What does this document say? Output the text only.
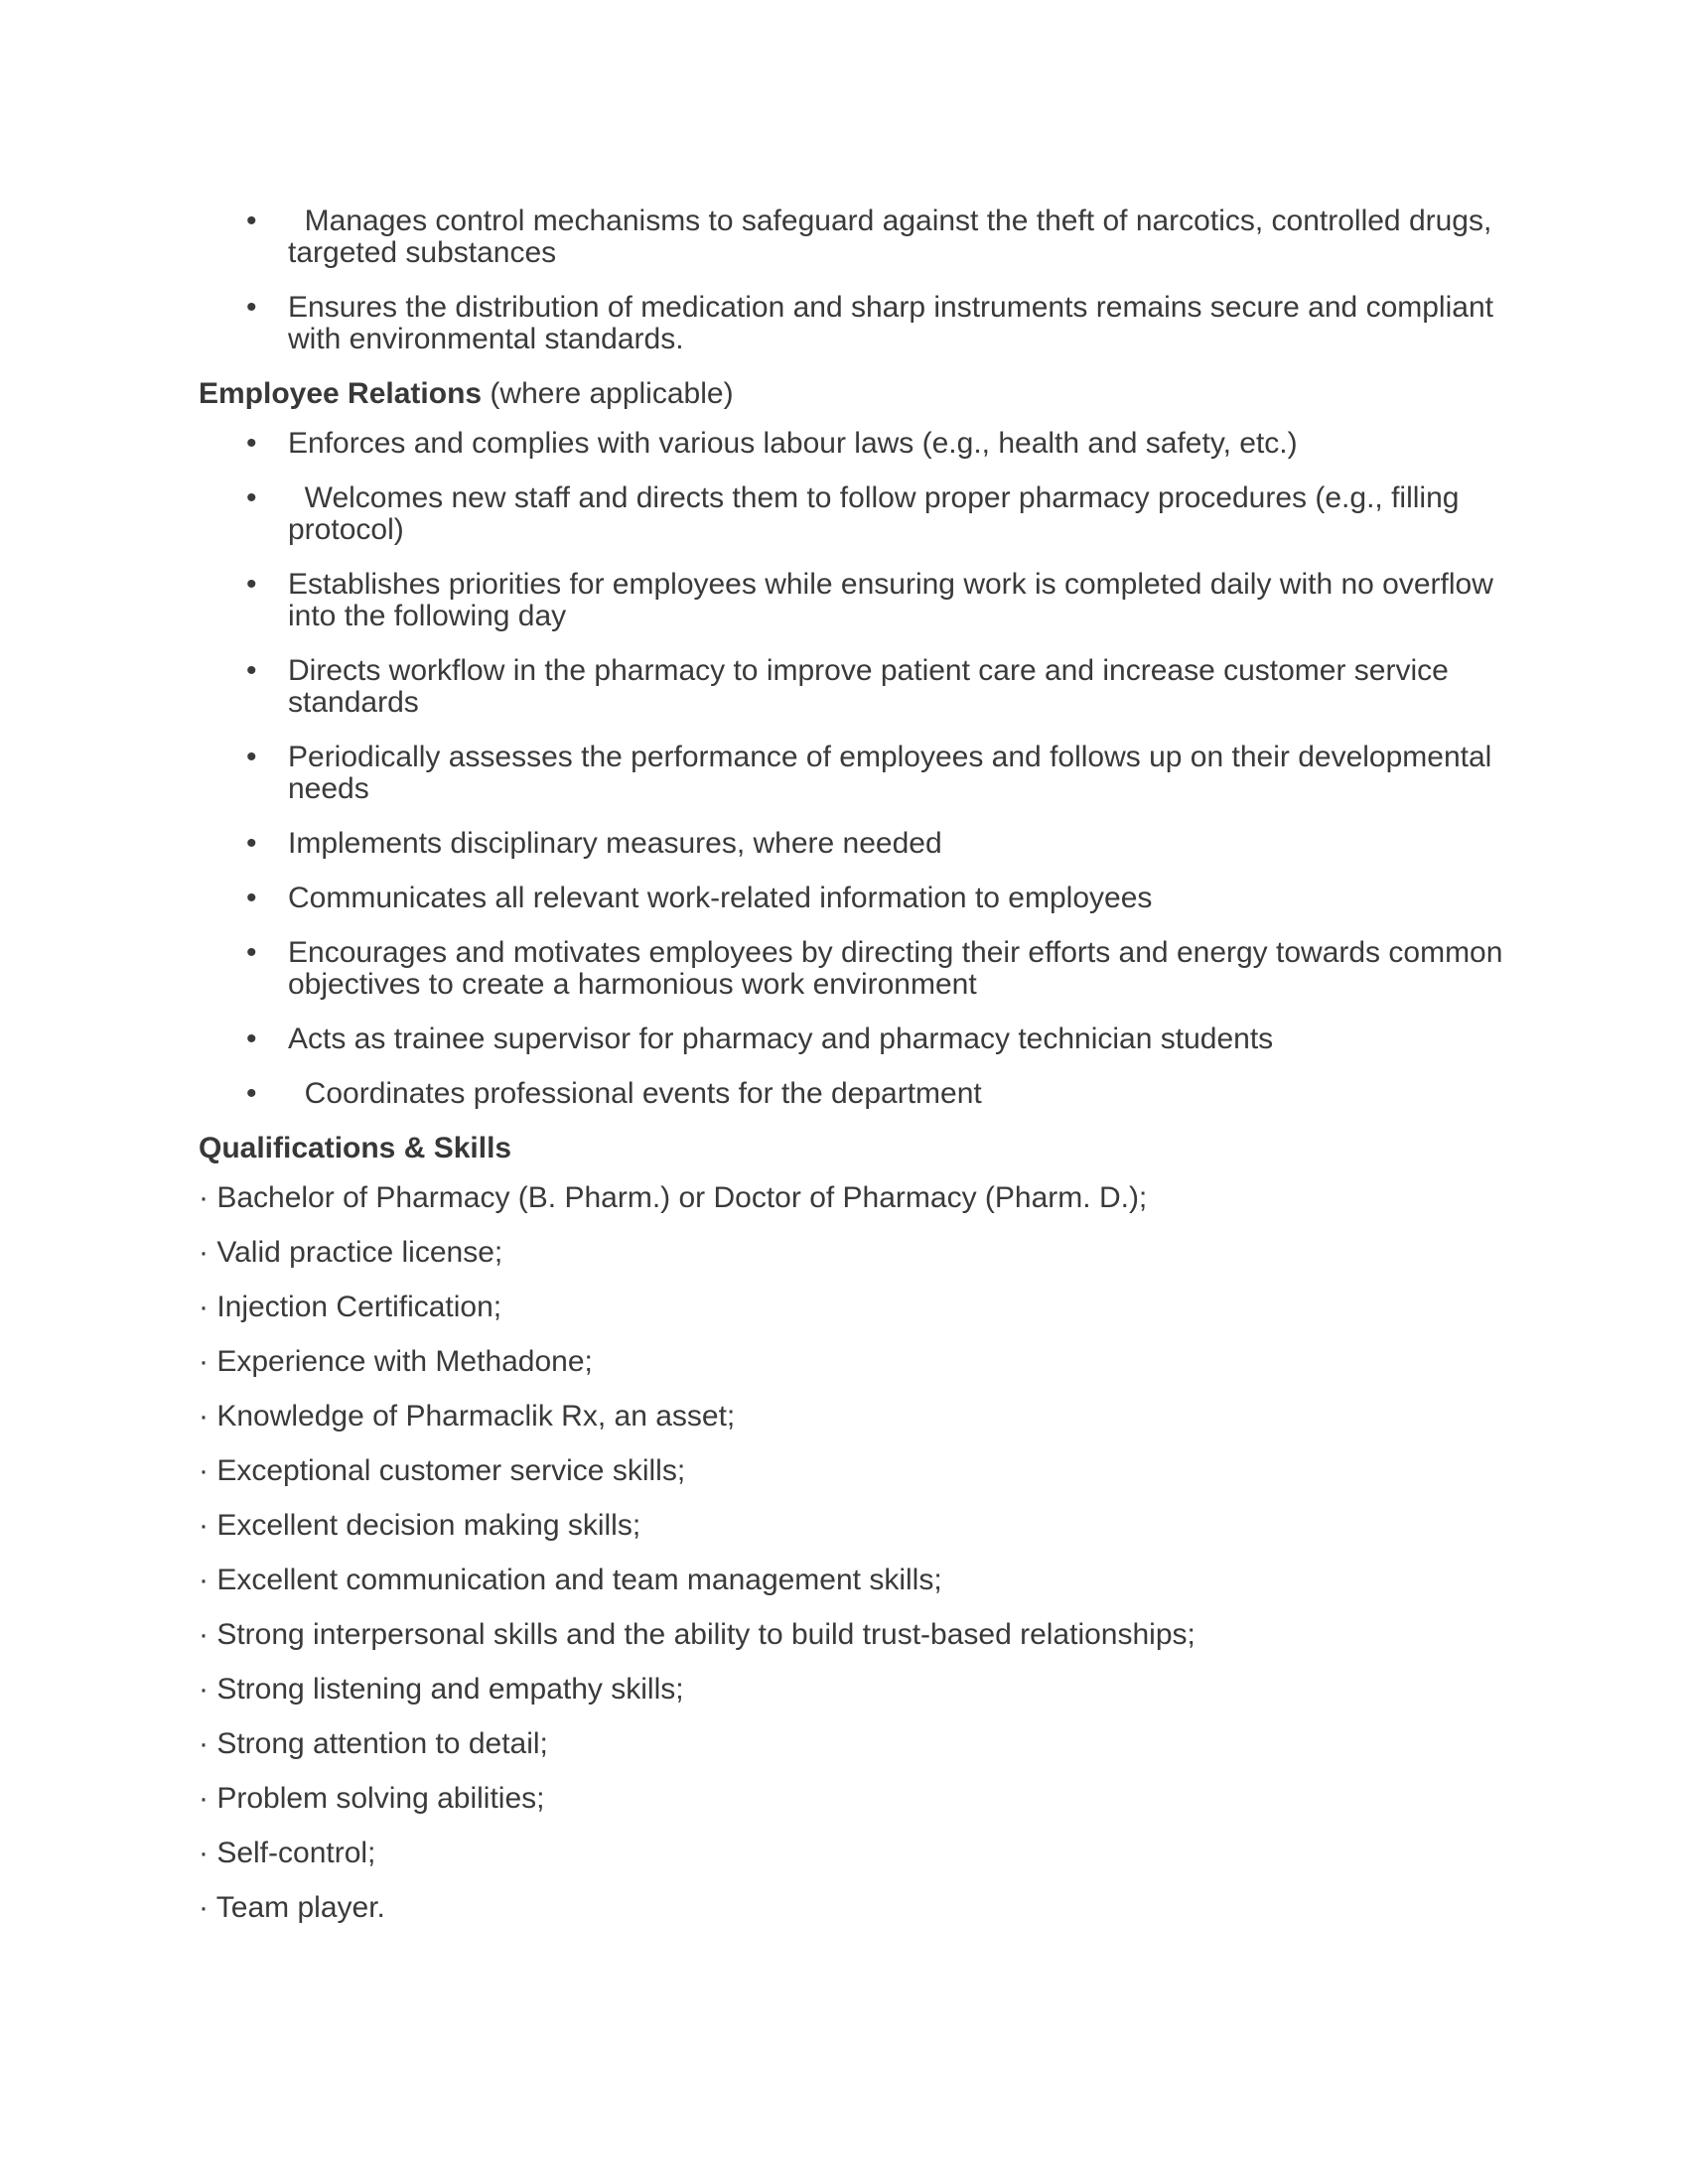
• Manages control mechanisms to safeguard against the theft of narcotics, controlled drugs, targeted substances
• Ensures the distribution of medication and sharp instruments remains secure and compliant with environmental standards.

Employee Relations (where applicable)

• Enforces and complies with various labour laws (e.g., health and safety, etc.)
• Welcomes new staff and directs them to follow proper pharmacy procedures (e.g., filling protocol)
• Establishes priorities for employees while ensuring work is completed daily with no overflow into the following day
• Directs workflow in the pharmacy to improve patient care and increase customer service standards
• Periodically assesses the performance of employees and follows up on their developmental needs
• Implements disciplinary measures, where needed
• Communicates all relevant work-related information to employees
• Encourages and motivates employees by directing their efforts and energy towards common objectives to create a harmonious work environment
• Acts as trainee supervisor for pharmacy and pharmacy technician students
• Coordinates professional events for the department

Qualifications & Skills

· Bachelor of Pharmacy (B. Pharm.) or Doctor of Pharmacy (Pharm. D.);

· Valid practice license;

· Injection Certification;

· Experience with Methadone;

· Knowledge of Pharmaclik Rx, an asset;

· Exceptional customer service skills;

· Excellent decision making skills;

· Excellent communication and team management skills;

· Strong interpersonal skills and the ability to build trust-based relationships;

· Strong listening and empathy skills;

· Strong attention to detail;

· Problem solving abilities;

· Self-control;

· Team player.
